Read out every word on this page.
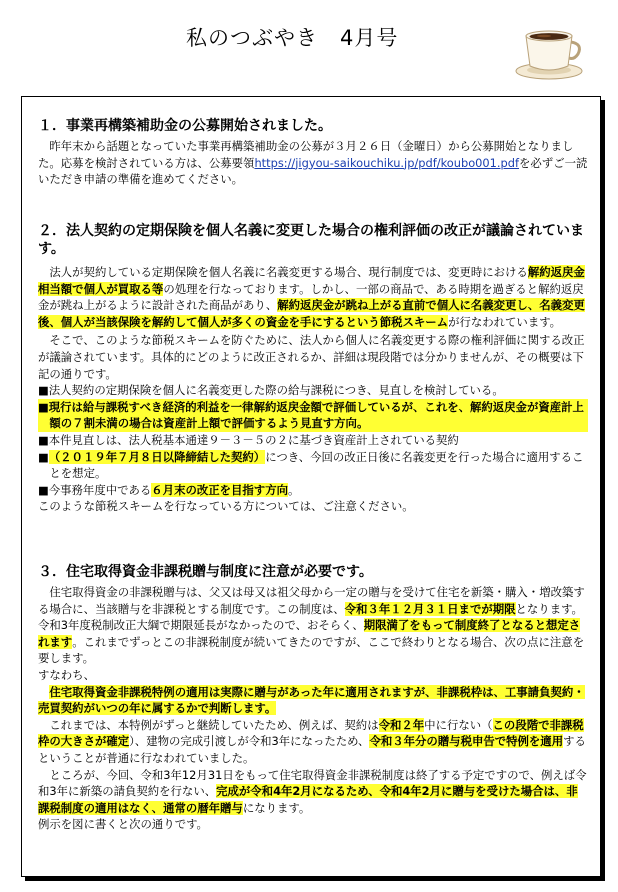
私のつぶやき　4月号
１．事業再構築補助金の公募開始されました。

昨年末から話題となっていた事業再構築補助金の公募が３月２６日（金曜日）から公募開始となりました。応募を検討されている方は、公募要領https://jigyou-saikouchiku.jp/pdf/koubo001.pdfを必ずご一読いただき申請の準備を進めてください。

２．法人契約の定期保険を個人名義に変更した場合の権利評価の改正が議論されています。

法人が契約している定期保険を個人名義に名義変更する場合、現行制度では、変更時における解約返戻金相当額で個人が買取る等の処理を行なっております。しかし、一部の商品で、ある時期を過ぎると解約返戻金が跳ね上がるように設計された商品があり、解約返戻金が跳ね上がる直前で個人に名義変更し、名義変更後、個人が当該保険を解約して個人が多くの資金を手にするという節税スキームが行なわれています。

そこで、このような節税スキームを防ぐために、法人から個人に名義変更する際の権利評価に関する改正が議論されています。具体的にどのように改正されるか、詳細は現段階では分かりませんが、その概要は下記の通りです。

■法人契約の定期保険を個人に名義変更した際の給与課税につき、見直しを検討している。

■現行は給与課税すべき経済的利益を一律解約返戻金額で評価しているが、これを、解約返戻金が資産計上額の７割未満の場合は資産計上額で評価するよう見直す方向。

■本件見直しは、法人税基本通達９－３－５の２に基づき資産計上されている契約

■（２０１９年７月８日以降締結した契約）につき、今回の改正日後に名義変更を行った場合に適用することを想定。

■今事務年度中である６月末の改正を目指す方向。

このような節税スキームを行なっている方については、ご注意ください。

３．住宅取得資金非課税贈与制度に注意が必要です。

住宅取得資金の非課税贈与は、父又は母又は祖父母から一定の贈与を受けて住宅を新築・購入・増改築する場合に、当該贈与を非課税とする制度です。この制度は、令和３年１２月３１日までが期限となります。令和3年度税制改正大綱で期限延長がなかったので、おそらく、期限満了をもって制度終了となると想定されます。これまでずっとこの非課税制度が続いてきたのですが、ここで終わりとなる場合、次の点に注意を要します。

すなわち、

住宅取得資金非課税特例の適用は実際に贈与があった年に適用されますが、非課税枠は、工事請負契約・売買契約がいつの年に属するかで判断します。

これまでは、本特例がずっと継続していたため、例えば、契約は令和２年中に行ない（この段階で非課税枠の大きさが確定）、建物の完成引渡しが令和3年になったため、令和３年分の贈与税申告で特例を適用するということが普通に行なわれていました。

ところが、今回、令和3年12月31日をもって住宅取得資金非課税制度は終了する予定ですので、例えば令和3年に新築の請負契約を行ない、完成が令和4年2月になるため、令和4年2月に贈与を受けた場合は、非課税制度の適用はなく、通常の暦年贈与になります。

例示を図に書くと次の通りです。
